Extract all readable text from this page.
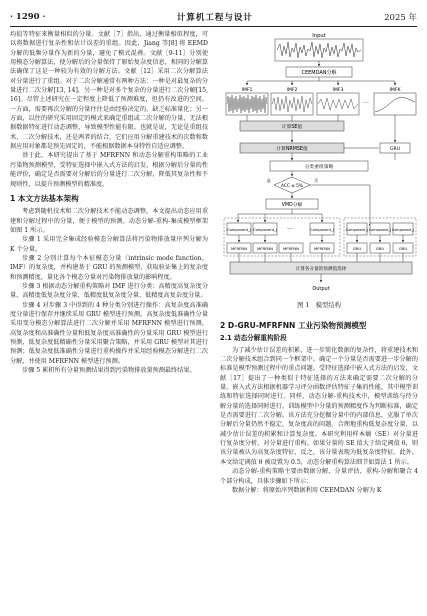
· 1290 ·	计算机工程与设计	2025 年

均值等特征来衡量相似的分量。文献［7］指出，通过衡量相似程度，可以将数据进行复杂性和估计误差的重组。因此，Jiang 等[8] 将 EEMD 分解的低频分量作为新的分量，避免了模式混叠。文献［9-11］分别使用模态分解算法，使分解后的分量保持了原始复杂度信息，相同的分解算法确保了这是一种较为有效的分解方法。文献［12］采用二次分解算法对分量进行了重组。对于二次分解通常有两种方法：一种是对最复杂的分量进行二次分解[13, 14]，另一种是对多个复杂的分量进行二次分解[15, 16]。尽管上述研究在一定程度上降低了预测难度，但仍有改进的空间。一方面，需要再次分解的分量往往是由经验决定的，缺乏标准量化；另一方面，以往的研究采用固定的模式来确定重组或二次分解的分量，无法根据数据特征进行动态调整，导致模型性能有限。也就是说，无论是重组技术、二次分解技术，还是两者的结合，它们应用分解重建技术的次数和数据应用对象都是预先固定的，不能根据数据本身特性自适应调整。

基于此，本研究提出了基于 MFRFNN 和动态分解重构策略的工业污染物预测模型，受特征选择中嵌入式方法的启发，根据分解后分量的性能评价，确定是否需要对分解后的分量进行二次分解，降低其复杂性和不规则性，以提升预测模型的精准度。

1 本文方法基本架构

考虑到随机技术和二次分解技术不能动态调整，本文提出动态应用重建和分解过程中的分量，便于模型的预测。动态分解-重构-集成模型框架如图 1 所示。

步骤 1 采用完全集成经验模态分解算法将污染物排放量序列分解为 K 个分量。

步骤 2 分别计算每个本征模态分量（intrinsic mode function，IMF）的复杂度，并构建基于 GRU 的预测模型，获取验证集上的复杂度和预测精度，量化各个模态分量对污染物排放量的影响程度。

步骤 3 根据动态分解重构策略对 IMF 进行分类：高精度高复杂度分量、高精度低复杂度分量、低精度低复杂度分量、低精度高复杂度分量。

步骤 4 对步骤 3 中得到的 4 种分类分别进行操作：高复杂度高准确度分量进行保存并继续采用 GRU 模型进行预测，高复杂度低准确性分量采用变分模态分解算法进行二次分解并采用 MFRFNN 模型进行预测，高复杂度和高准确性分量和低复杂度高准确性的分量采用 GRU 模型进行预测，低复杂度低精确性分量采用聚合策略，并采用 GRU 模型对其进行预测；低复杂度低准确性分量进行重构操作并采用经验模态分解进行二次分解，并使用 MFRFNN 模型进行预测。

步骤 5 累积所有分量预测结果得到污染物排放量预测最终结果。

Input
CEEMDAN分解
IMF1	IMF2	IMF3	IMFK
···
计算SE值
GRU
计算NRMSE值
分类重组策略
ACC ≤ 5%
是	否
VMD分解
Component_j Component_j ···	Component_j
MFRFNN	MFRFNN	MFRFNN	MFRFNN
Component_j Component_j Component_j
GRU	GRU	GRU
计算各分量的预测值选择
Output
图 1　模型结构
2 D-GRU-MFRFNN 工业污染物预测模型
2.1 动态分解重构阶段

为了减少估计误差的积累，进一步简化数据的复杂性，将重建技术和二次分解技术组合到同一个框架中。确定一个分量是否需要进一步分解的标准是模型预测过程中的重点问题。受特征选择中嵌入式方法的启发，文献［17］提出了一种类似于特征选择的方法来确定需要二次分解的分量。嵌入式方法根据机器学习评分函数评估特征子集的性能，其中模型训练和特征选择同时进行。同样，动态分解-重构技术中，模型训练与待分解分量的选择同时进行。训练模型中分量的预测精度作为判断标准，确定是否需要进行二次分解。该方法充分挖掘分量中的内部信息，克服了单次分解后分量仍然不稳定、复杂度高的问题。合理地重构低复杂度分量，以减少估计误差的积累和计算复杂度。本研究利用样本熵（SE）对分量进行复杂度分析，对分量进行重构。如果分量的 SE 值大于给定阈值 θ，则该分量被认为高复杂度特征，反之，该分量表现为低复杂度特征。此外，本文给定阈值 θ 被设置为 0.5，动态分解重构算法细节如算法 1 所示。

动态分解-重构策略主要由数据分解、分量评估、重构-分解和聚合 4 个部分构成，具体步骤如下所示：

数据分解：将原始序列数据利用 CEEMDAN 分解为 K
